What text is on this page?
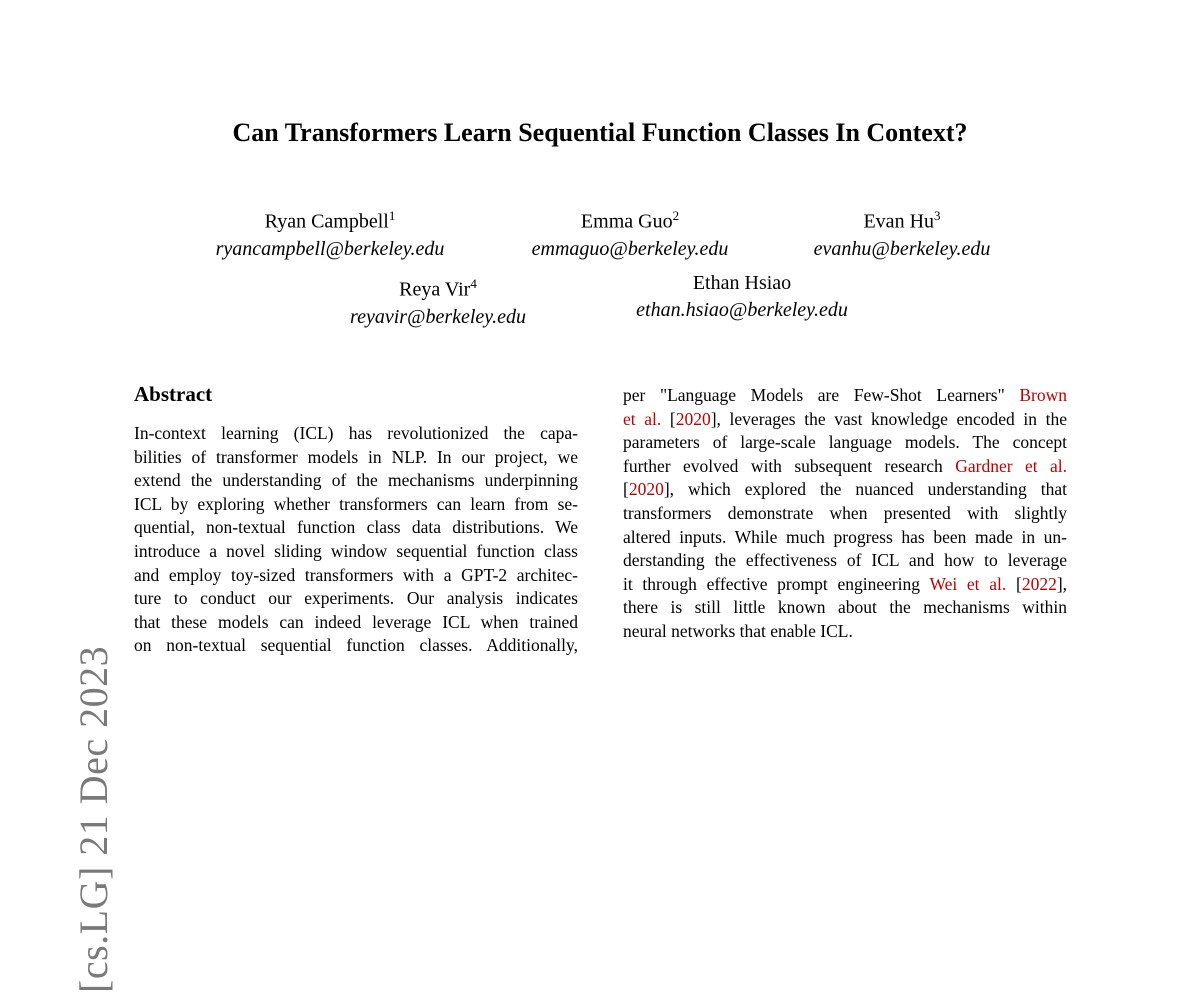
[cs.LG] 21 Dec 2023
Can Transformers Learn Sequential Function Classes In Context?
Ryan Campbell$^1$
ryancampbell@berkeley.edu
Emma Guo$^2$
emmaguo@berkeley.edu
Evan Hu$^3$
evanhu@berkeley.edu
Reya Vir$^4$
reyavir@berkeley.edu
Ethan Hsiao
ethan.hsiao@berkeley.edu
Abstract
In-context learning (ICL) has revolutionized the capa-
bilities of transformer models in NLP. In our project, we
extend the understanding of the mechanisms underpinning
ICL by exploring whether transformers can learn from se-
quential, non-textual function class data distributions. We
introduce a novel sliding window sequential function class
and employ toy-sized transformers with a GPT-2 architec-
ture to conduct our experiments. Our analysis indicates
that these models can indeed leverage ICL when trained
on non-textual sequential function classes. Additionally,
per "Language Models are Few-Shot Learners" Brown
et al. [2020], leverages the vast knowledge encoded in the
parameters of large-scale language models. The concept
further evolved with subsequent research Gardner et al.
[2020], which explored the nuanced understanding that
transformers demonstrate when presented with slightly
altered inputs. While much progress has been made in un-
derstanding the effectiveness of ICL and how to leverage
it through effective prompt engineering Wei et al. [2022],
there is still little known about the mechanisms within
neural networks that enable ICL.
